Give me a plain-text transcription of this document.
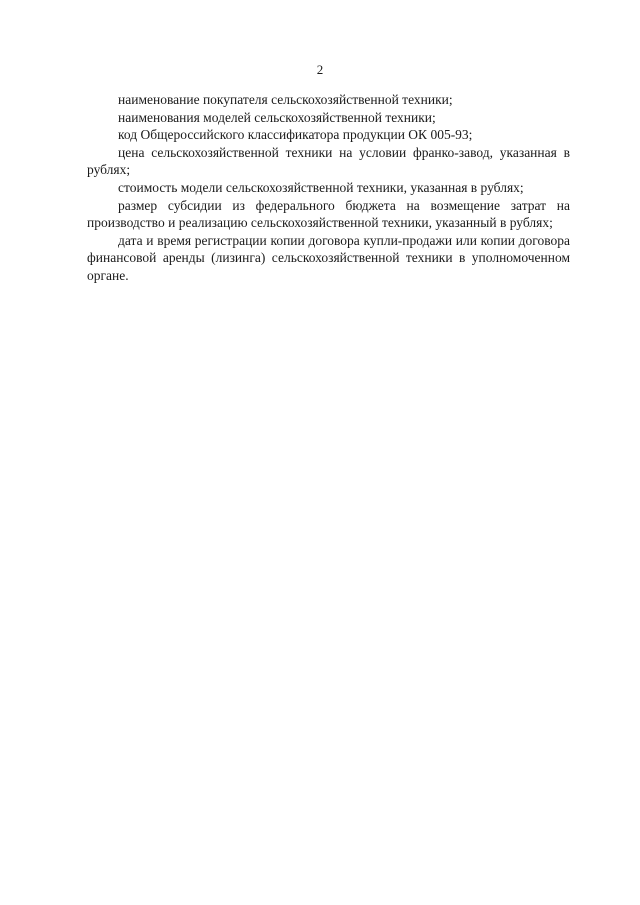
2

наименование покупателя сельскохозяйственной техники;

наименования моделей сельскохозяйственной техники;

код Общероссийского классификатора продукции ОК 005-93;

цена сельскохозяйственной техники на условии франко-завод, указанная в рублях;

стоимость модели сельскохозяйственной техники, указанная в рублях;

размер субсидии из федерального бюджета на возмещение затрат на производство и реализацию сельскохозяйственной техники, указанный в рублях;

дата и время регистрации копии договора купли-продажи или копии договора финансовой аренды (лизинга) сельскохозяйственной техники в уполномоченном органе.
